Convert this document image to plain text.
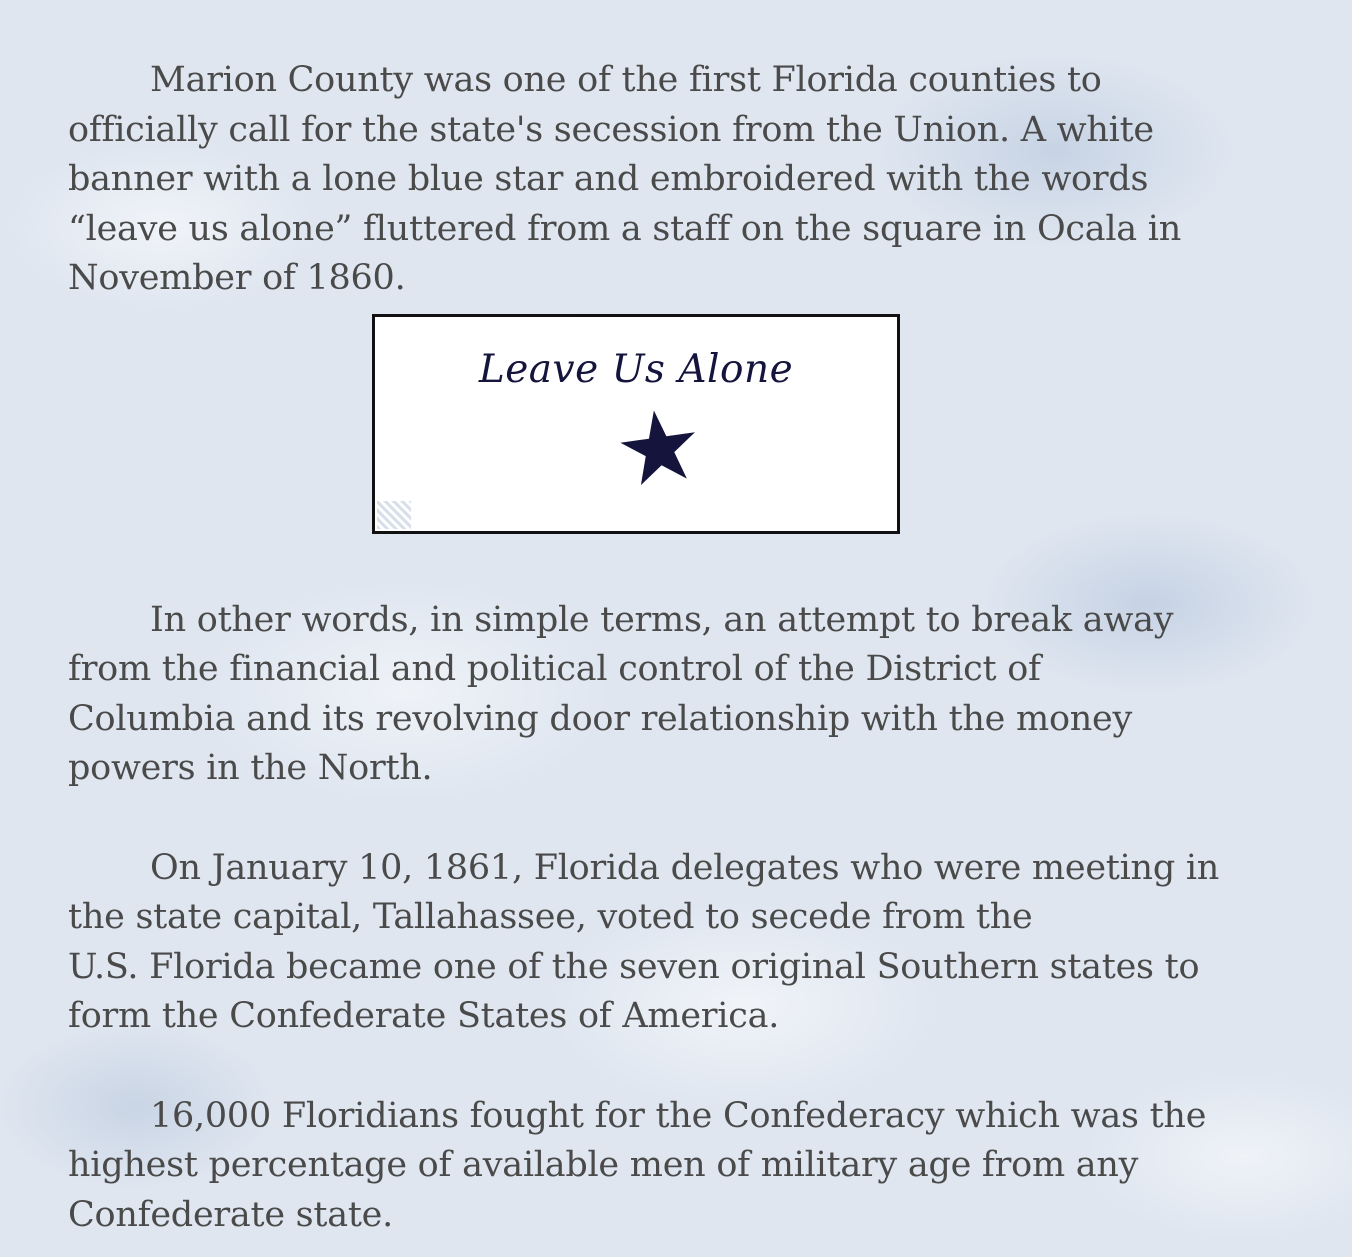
Marion County was one of the first Florida counties to
officially call for the state's secession from the Union. A white
banner with a lone blue star and embroidered with the words
“leave us alone” fluttered from a staff on the square in Ocala in
November of 1860.

Leave Us Alone

In other words, in simple terms, an attempt to break away
from the financial and political control of the District of
Columbia and its revolving door relationship with the money
powers in the North.

On January 10, 1861, Florida delegates who were meeting in
the state capital, Tallahassee, voted to secede from the
U.S. Florida became one of the seven original Southern states to
form the Confederate States of America.

16,000 Floridians fought for the Confederacy which was the
highest percentage of available men of military age from any
Confederate state.
